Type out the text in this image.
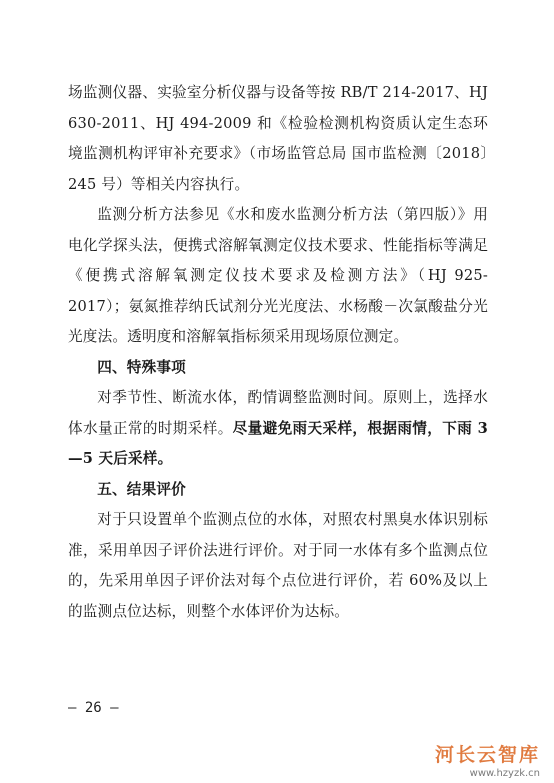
场监测仪器、实验室分析仪器与设备等按 RB/T 214-2017、HJ 630-2011、HJ 494-2009 和《检验检测机构资质认定生态环境监测机构评审补充要求》（市场监管总局 国市监检测〔2018〕245 号）等相关内容执行。

监测分析方法参见《水和废水监测分析方法（第四版）》用电化学探头法，便携式溶解氧测定仪技术要求、性能指标等满足《便携式溶解氧测定仪技术要求及检测方法》（HJ 925-2017）；氨氮推荐纳氏试剂分光光度法、水杨酸－次氯酸盐分光光度法。透明度和溶解氧指标须采用现场原位测定。

四、特殊事项

对季节性、断流水体，酌情调整监测时间。原则上，选择水体水量正常的时期采样。尽量避免雨天采样，根据雨情，下雨 3—5 天后采样。

五、结果评价

对于只设置单个监测点位的水体，对照农村黑臭水体识别标准，采用单因子评价法进行评价。对于同一水体有多个监测点位的，先采用单因子评价法对每个点位进行评价，若 60%及以上的监测点位达标，则整个水体评价为达标。

— 26 —
河长云智库
www.hzyzk.cn
